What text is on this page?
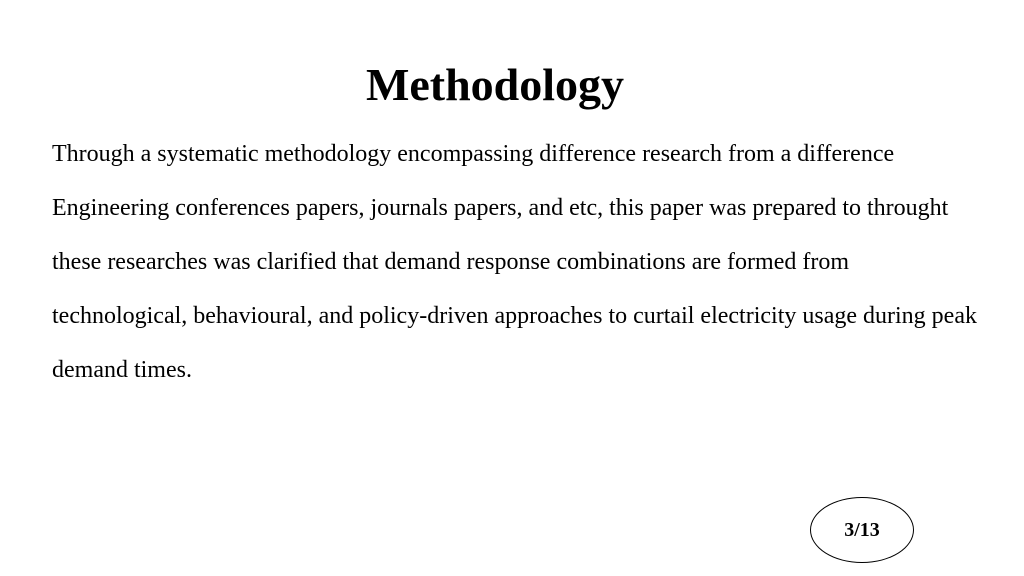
Methodology

Through a systematic methodology encompassing difference research from a difference Engineering conferences papers, journals papers, and etc, this paper was prepared to throught these researches was clarified that demand response combinations are formed from technological, behavioural, and policy-driven approaches to curtail electricity usage during peak demand times.

3/13
